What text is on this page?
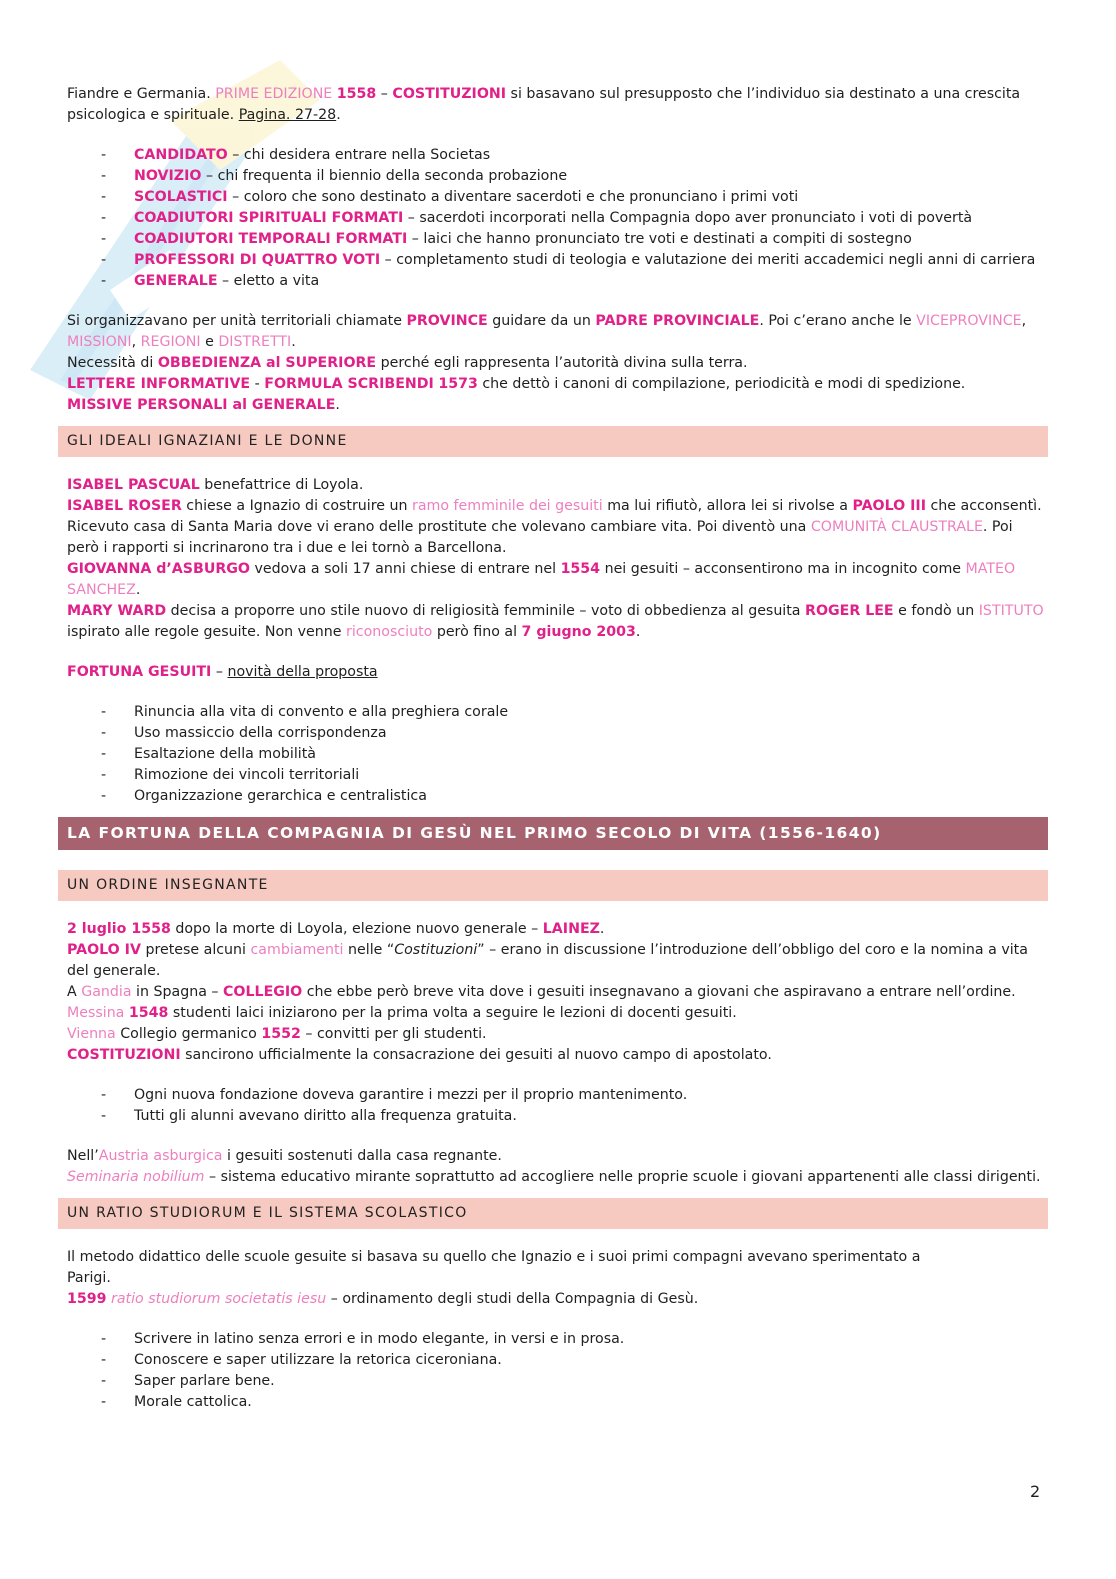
Fiandre e Germania. PRIME EDIZIONE 1558 – COSTITUZIONI si basavano sul presupposto che l’individuo sia destinato a una crescita psicologica e spirituale. Pagina. 27-28.

- CANDIDATO – chi desidera entrare nella Societas
- NOVIZIO – chi frequenta il biennio della seconda probazione
- SCOLASTICI – coloro che sono destinato a diventare sacerdoti e che pronunciano i primi voti
- COADIUTORI SPIRITUALI FORMATI – sacerdoti incorporati nella Compagnia dopo aver pronunciato i voti di povertà
- COADIUTORI TEMPORALI FORMATI – laici che hanno pronunciato tre voti e destinati a compiti di sostegno
- PROFESSORI DI QUATTRO VOTI – completamento studi di teologia e valutazione dei meriti accademici negli anni di carriera
- GENERALE – eletto a vita

Si organizzavano per unità territoriali chiamate PROVINCE guidare da un PADRE PROVINCIALE. Poi c’erano anche le VICEPROVINCE, MISSIONI, REGIONI e DISTRETTI.

Necessità di OBBEDIENZA al SUPERIORE perché egli rappresenta l’autorità divina sulla terra.

LETTERE INFORMATIVE - FORMULA SCRIBENDI 1573 che dettò i canoni di compilazione, periodicità e modi di spedizione.

MISSIVE PERSONALI al GENERALE.

GLI IDEALI IGNAZIANI E LE DONNE

ISABEL PASCUAL benefattrice di Loyola.

ISABEL ROSER chiese a Ignazio di costruire un ramo femminile dei gesuiti ma lui rifiutò, allora lei si rivolse a PAOLO III che acconsentì.

Ricevuto casa di Santa Maria dove vi erano delle prostitute che volevano cambiare vita. Poi diventò una COMUNITÀ CLAUSTRALE. Poi però i rapporti si incrinarono tra i due e lei tornò a Barcellona.

GIOVANNA d’ASBURGO vedova a soli 17 anni chiese di entrare nel 1554 nei gesuiti – acconsentirono ma in incognito come MATEO SANCHEZ.

MARY WARD decisa a proporre uno stile nuovo di religiosità femminile – voto di obbedienza al gesuita ROGER LEE e fondò un ISTITUTO ispirato alle regole gesuite. Non venne riconosciuto però fino al 7 giugno 2003.

FORTUNA GESUITI – novità della proposta

- Rinuncia alla vita di convento e alla preghiera corale
- Uso massiccio della corrispondenza
- Esaltazione della mobilità
- Rimozione dei vincoli territoriali
- Organizzazione gerarchica e centralistica
LA FORTUNA DELLA COMPAGNIA DI GESÙ NEL PRIMO SECOLO DI VITA (1556-1640)
UN ORDINE INSEGNANTE

2 luglio 1558 dopo la morte di Loyola, elezione nuovo generale – LAINEZ.

PAOLO IV pretese alcuni cambiamenti nelle “Costituzioni” – erano in discussione l’introduzione dell’obbligo del coro e la nomina a vita del generale.

A Gandia in Spagna – COLLEGIO che ebbe però breve vita dove i gesuiti insegnavano a giovani che aspiravano a entrare nell’ordine.

Messina 1548 studenti laici iniziarono per la prima volta a seguire le lezioni di docenti gesuiti.

Vienna Collegio germanico 1552 – convitti per gli studenti.

COSTITUZIONI sancirono ufficialmente la consacrazione dei gesuiti al nuovo campo di apostolato.

- Ogni nuova fondazione doveva garantire i mezzi per il proprio mantenimento.
- Tutti gli alunni avevano diritto alla frequenza gratuita.

Nell’Austria asburgica i gesuiti sostenuti dalla casa regnante.

Seminaria nobilium – sistema educativo mirante soprattutto ad accogliere nelle proprie scuole i giovani appartenenti alle classi dirigenti.

UN RATIO STUDIORUM E IL SISTEMA SCOLASTICO

Il metodo didattico delle scuole gesuite si basava su quello che Ignazio e i suoi primi compagni avevano sperimentato a
Parigi.

1599 ratio studiorum societatis iesu – ordinamento degli studi della Compagnia di Gesù.

- Scrivere in latino senza errori e in modo elegante, in versi e in prosa.
- Conoscere e saper utilizzare la retorica ciceroniana.
- Saper parlare bene.
- Morale cattolica.
2
